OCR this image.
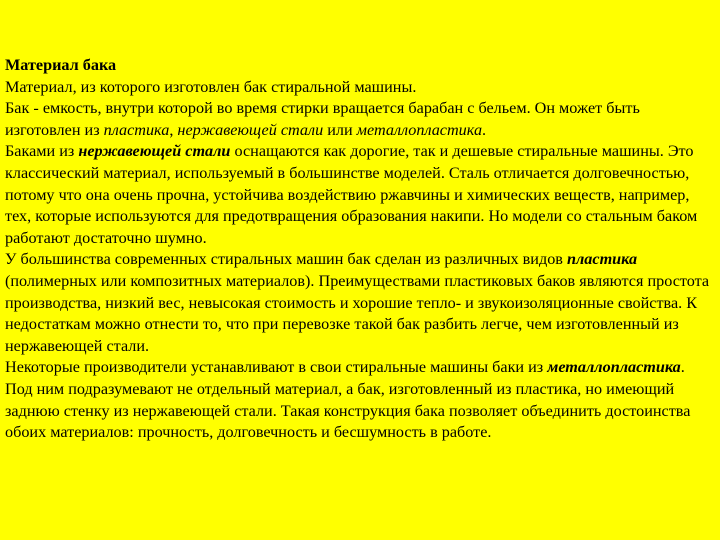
Материал бака

Материал, из которого изготовлен бак стиральной машины.

Бак - емкость, внутри которой во время стирки вращается барабан с бельем. Он может быть изготовлен из пластика, нержавеющей стали или металлопластика.

Баками из нержавеющей стали оснащаются как дорогие, так и дешевые стиральные машины. Это классический материал, используемый в большинстве моделей. Сталь отличается долговечностью, потому что она очень прочна, устойчива воздействию ржавчины и химических веществ, например, тех, которые используются для предотвращения образования накипи. Но модели со стальным баком работают достаточно шумно.

У большинства современных стиральных машин бак сделан из различных видов пластика (полимерных или композитных материалов). Преимуществами пластиковых баков являются простота производства, низкий вес, невысокая стоимость и хорошие тепло- и звукоизоляционные свойства. К недостаткам можно отнести то, что при перевозке такой бак разбить легче, чем изготовленный из нержавеющей стали.

Некоторые производители устанавливают в свои стиральные машины баки из металлопластика. Под ним подразумевают не отдельный материал, а бак, изготовленный из пластика, но имеющий заднюю стенку из нержавеющей стали. Такая конструкция бака позволяет объединить достоинства обоих материалов: прочность, долговечность и бесшумность в работе.
